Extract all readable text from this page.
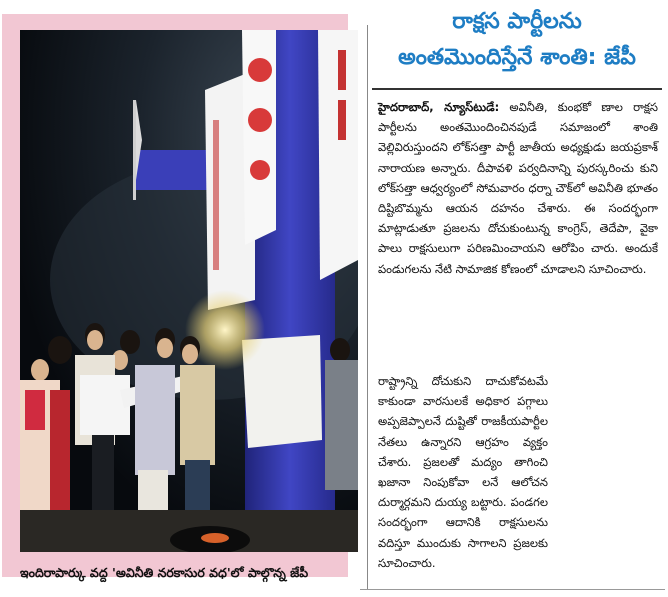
ఇందిరాపార్కు వద్ద 'అవినీతి నరకాసుర వధ'లో పాల్గొన్న జేపీ
రాక్షస పార్టీలను
అంతమొందిస్తేనే శాంతి: జేపీ
హైదరాబాద్, న్యూస్‌టుడే: అవినీతి, కుంభకో ణాల రాక్షస పార్టీలను అంతమొందించినపుడే సమాజంలో శాంతి వెల్లివిరుస్తుందని లోక్‌సత్తా పార్టీ జాతీయ అధ్యక్షుడు జయప్రకాశ్ నారాయణ అన్నారు. దీపావళి పర్వదినాన్ని పురస్కరించు కుని లోక్‌సత్తా ఆధ్వర్యంలో సోమవారం ధర్నా చౌక్‌లో అవినీతి భూతం దిష్టిబొమ్మను ఆయన దహనం చేశారు. ఈ సందర్భంగా మాట్లాడుతూ ప్రజలను దోచుకుంటున్న కాంగ్రెస్, తెదేపా, వైకా పాలు రాక్షసులుగా పరిణమించాయని ఆరోపిం చారు. అందుకే పండుగలను నేటి సామాజిక కోణంలో చూడాలని సూచించారు.
రాష్ట్రాన్ని దోచుకుని దాచుకోవటమే కాకుండా వారసులకే అధికార పగ్గాలు అప్పజెప్పాలనే దుష్టితో రాజకీయపార్టీల నేతలు ఉన్నారని ఆగ్రహం వ్యక్తం చేశారు. ప్రజలతో మద్యం తాగించి ఖజానా నింపుకోవా లనే ఆలోచన దుర్మార్గమని దుయ్య బట్టారు. పండగల సందర్భంగా ఆదానికి రాక్షసులను వదిస్తూ ముందుకు సాగాలని ప్రజలకు సూచించారు.
